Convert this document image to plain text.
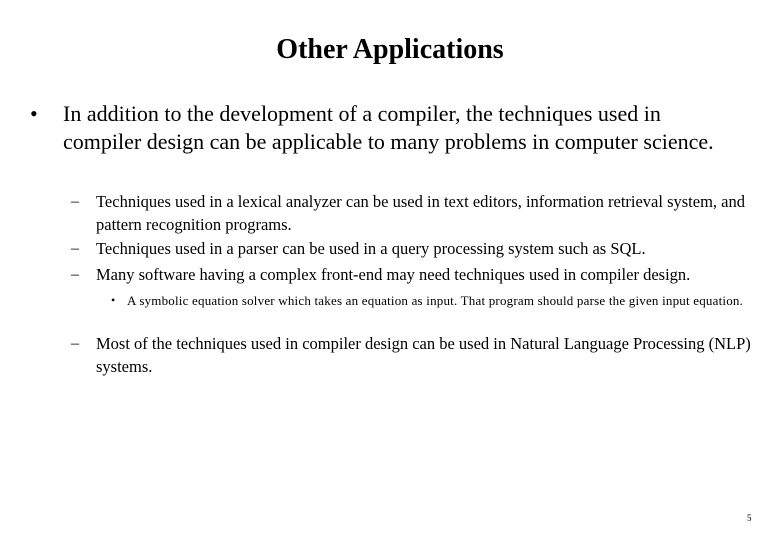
Other Applications
• In addition to the development of a compiler, the techniques used in compiler design can be applicable to many problems in computer science.
– Techniques used in a lexical analyzer can be used in text editors, information retrieval system, and pattern recognition programs.
– Techniques used in a parser can be used in a query processing system such as SQL.
– Many software having a complex front-end may need techniques used in compiler design.
• A symbolic equation solver which takes an equation as input. That program should parse the given input equation.
– Most of the techniques used in compiler design can be used in Natural Language Processing (NLP) systems.
5
